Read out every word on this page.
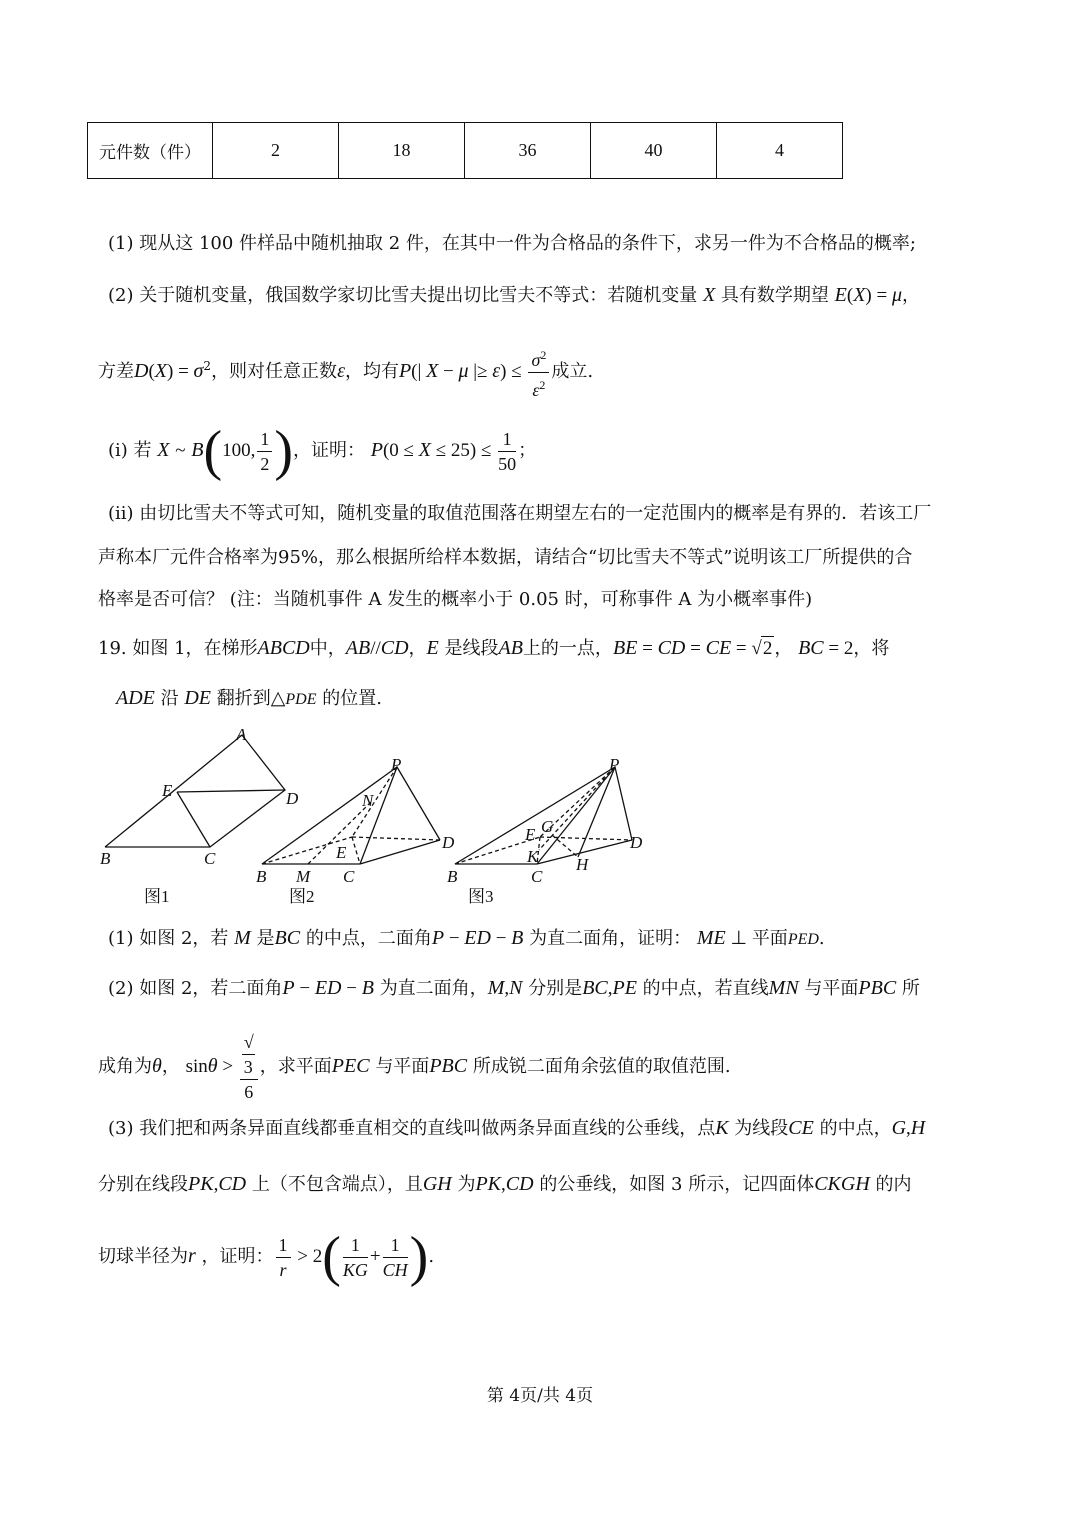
元件数（件）	2	18	36	40	4
(1) 现从这 100 件样品中随机抽取 2 件，在其中一件为合格品的条件下，求另一件为不合格品的概率;
(2) 关于随机变量，俄国数学家切比雪夫提出切比雪夫不等式：若随机变量 X 具有数学期望 E(X) = μ，
方差$D(X) = \sigma^2$，则对任意正数ε，均有P(| X − μ |≥ $\varepsilon) \le \frac{\sigma^2}{\varepsilon^2}$ 成立.
(i) 若 X ~ B(100, $\frac{1}{2}$ )，证明： $P(0 \le X \le 25) \le \frac{1}{50}$ ；
(ii) 由切比雪夫不等式可知，随机变量的取值范围落在期望左右的一定范围内的概率是有界的．若该工厂
声称本厂元件合格率为95%，那么根据所给样本数据，请结合“切比雪夫不等式”说明该工厂所提供的合
格率是否可信？ (注：当随机事件 A 发生的概率小于 0.05 时，可称事件 A 为小概率事件)
19. 如图 1，在梯形ABCD中，AB//CD，E 是线段AB上的一点，BE = CD = CE = √2 ， BC = 2，将
ADE 沿 DE 翻折到△PDE 的位置.
A
E	D
B	C
P
N
E
D
B M C
P
G
E
K H
D
B	C
图1	图2	图3
(1) 如图 2，若 M 是BC 的中点，二面角P − ED − B 为直二面角，证明： ME ⊥ 平面PED.
(2) 如图 2，若二面角P − ED − B 为直二面角，M,N 分别是BC,PE 的中点，若直线MN 与平面PBC 所
成角为θ， sinθ > √
3
6 ，求平面PEC 与平面PBC 所成锐二面角余弦值的取值范围.
(3) 我们把和两条异面直线都垂直相交的直线叫做两条异面直线的公垂线，点K 为线段CE 的中点，G,H
分别在线段PK,CD 上（不包含端点），且GH 为PK,CD 的公垂线，如图 3 所示，记四面体CKGH 的内
切球半径为r ，证明： $\frac{1}{r} > 2( \frac{1}{KG} + \frac{1}{CH}$ ).
第 4页/共 4页
